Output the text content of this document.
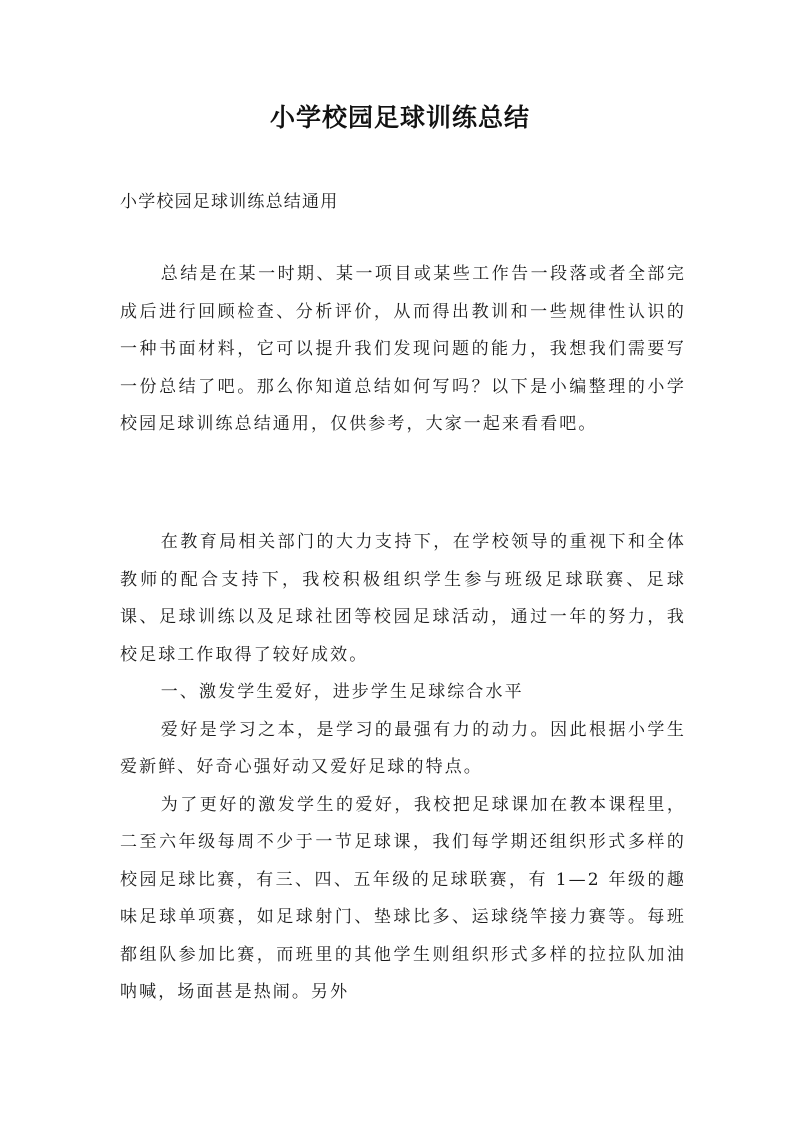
小学校园足球训练总结

小学校园足球训练总结通用

总结是在某一时期、某一项目或某些工作告一段落或者全部完成后进行回顾检查、分析评价，从而得出教训和一些规律性认识的一种书面材料，它可以提升我们发现问题的能力，我想我们需要写一份总结了吧。那么你知道总结如何写吗？以下是小编整理的小学校园足球训练总结通用，仅供参考，大家一起来看看吧。

在教育局相关部门的大力支持下，在学校领导的重视下和全体教师的配合支持下，我校积极组织学生参与班级足球联赛、足球课、足球训练以及足球社团等校园足球活动，通过一年的努力，我校足球工作取得了较好成效。

一、激发学生爱好，进步学生足球综合水平

爱好是学习之本，是学习的最强有力的动力。因此根据小学生爱新鲜、好奇心强好动又爱好足球的特点。

为了更好的激发学生的爱好，我校把足球课加在教本课程里，二至六年级每周不少于一节足球课，我们每学期还组织形式多样的校园足球比赛，有三、四、五年级的足球联赛，有 1—2 年级的趣味足球单项赛，如足球射门、垫球比多、运球绕竿接力赛等。每班都组队参加比赛，而班里的其他学生则组织形式多样的拉拉队加油呐喊，场面甚是热闹。另外
